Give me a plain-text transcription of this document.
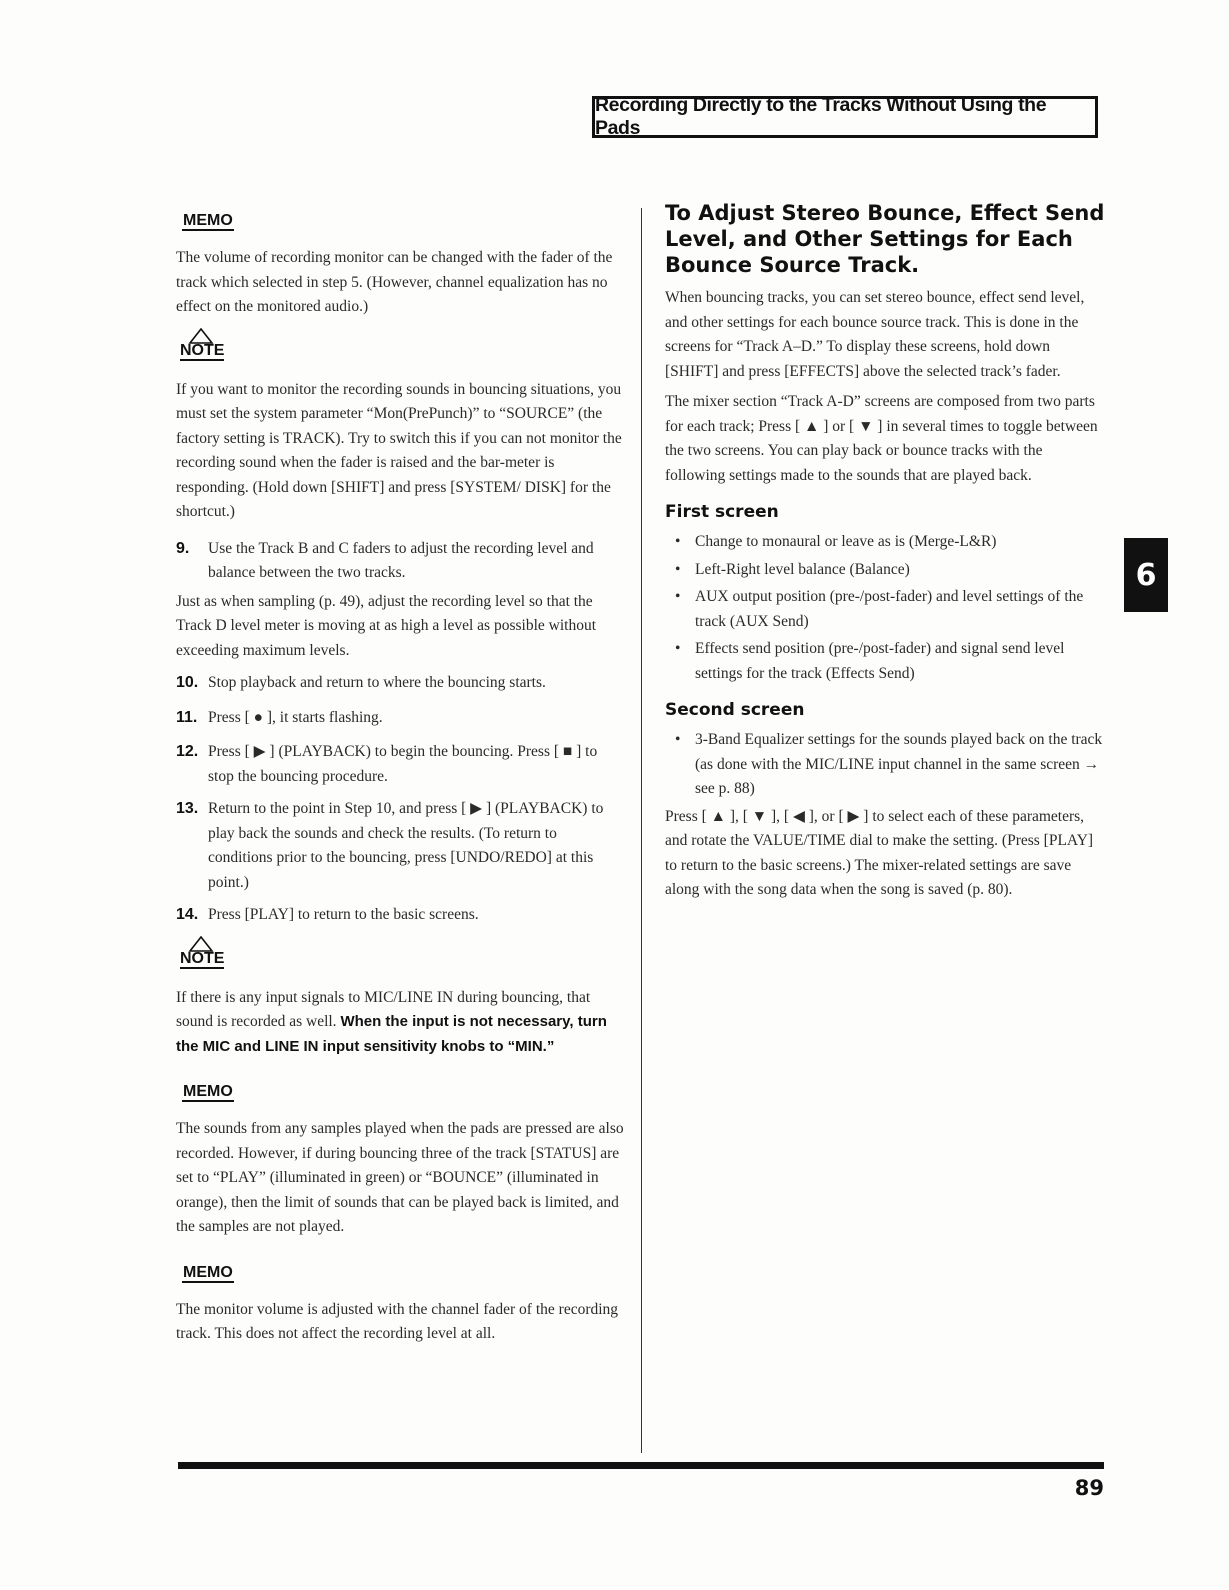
Recording Directly to the Tracks Without Using the Pads
MEMO

The volume of recording monitor can be changed with the fader of the track which selected in step 5. (However, channel equalization has no effect on the monitored audio.)

NOTE

If you want to monitor the recording sounds in bouncing situations, you must set the system parameter “Mon(PrePunch)” to “SOURCE” (the factory setting is TRACK). Try to switch this if you can not monitor the recording sound when the fader is raised and the bar-meter is responding. (Hold down [SHIFT] and press [SYSTEM/ DISK] for the shortcut.)

9.	Use the Track B and C faders to adjust the recording level and balance between the two tracks.

Just as when sampling (p. 49), adjust the recording level so that the Track D level meter is moving at as high a level as possible without exceeding maximum levels.

10. Stop playback and return to where the bouncing starts.
11. Press [ ● ], it starts flashing.
12. Press [ ▶ ] (PLAYBACK) to begin the bouncing. Press [ ■ ] to stop the bouncing procedure.
13. Return to the point in Step 10, and press [ ▶ ] (PLAYBACK) to play back the sounds and check the results. (To return to conditions prior to the bouncing, press [UNDO/REDO] at this point.)
14. Press [PLAY] to return to the basic screens.
NOTE

If there is any input signals to MIC/LINE IN during bouncing, that sound is recorded as well. When the input is not necessary, turn the MIC and LINE IN input sensitivity knobs to “MIN.”

MEMO

The sounds from any samples played when the pads are pressed are also recorded. However, if during bouncing three of the track [STATUS] are set to “PLAY” (illuminated in green) or “BOUNCE” (illuminated in orange), then the limit of sounds that can be played back is limited, and the samples are not played.

MEMO

The monitor volume is adjusted with the channel fader of the recording track. This does not affect the recording level at all.

To Adjust Stereo Bounce, Effect Send Level, and Other Settings for Each Bounce Source Track.

When bouncing tracks, you can set stereo bounce, effect send level, and other settings for each bounce source track. This is done in the screens for “Track A–D.” To display these screens, hold down [SHIFT] and press [EFFECTS] above the selected track’s fader.

The mixer section “Track A-D” screens are composed from two parts for each track; Press [ ▲ ] or [ ▼ ] in several times to toggle between the two screens. You can play back or bounce tracks with the following settings made to the sounds that are played back.

First screen
• Change to monaural or leave as is (Merge-L&R)
• Left-Right level balance (Balance)
• AUX output position (pre-/post-fader) and level settings of the track (AUX Send)
• Effects send position (pre-/post-fader) and signal send level settings for the track (Effects Send)
Second screen
• 3-Band Equalizer settings for the sounds played back on the track (as done with the MIC/LINE input channel in the same screen → see p. 88)

Press [ ▲ ], [ ▼ ], [ ◀ ], or [ ▶ ] to select each of these parameters, and rotate the VALUE/TIME dial to make the setting. (Press [PLAY] to return to the basic screens.) The mixer-related settings are save along with the song data when the song is saved (p. 80).

6
89
